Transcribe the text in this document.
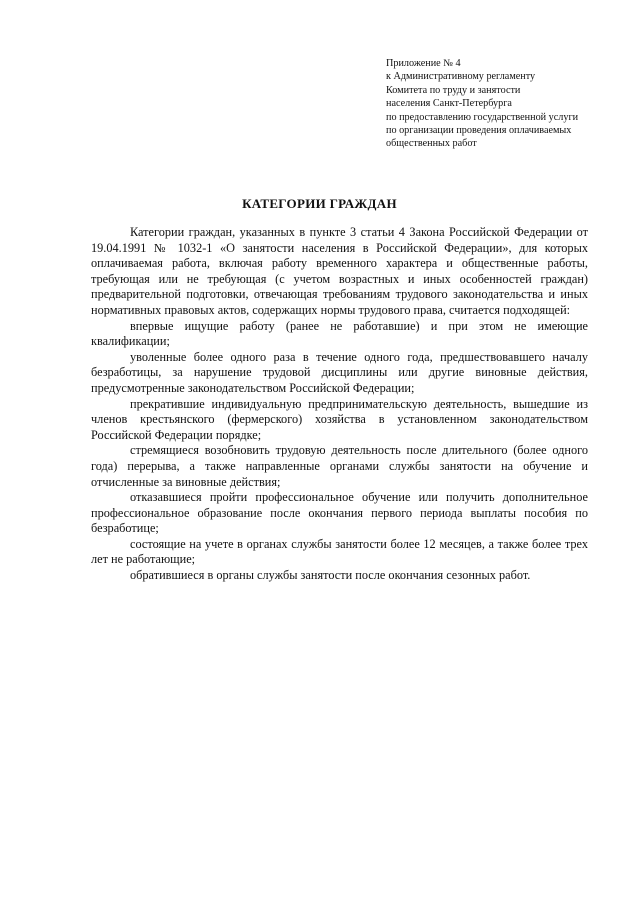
Приложение № 4
к Административному регламенту
Комитета по труду и занятости
населения Санкт-Петербурга
по предоставлению государственной услуги
по организации проведения оплачиваемых
общественных работ
КАТЕГОРИИ ГРАЖДАН

Категории граждан, указанных в пункте 3 статьи 4 Закона Российской Федерации от 19.04.1991 № 1032-1 «О занятости населения в Российской Федерации», для которых оплачиваемая работа, включая работу временного характера и общественные работы, требующая или не требующая (с учетом возрастных и иных особенностей граждан) предварительной подготовки, отвечающая требованиям трудового законодательства и иных нормативных правовых актов, содержащих нормы трудового права, считается подходящей:

впервые ищущие работу (ранее не работавшие) и при этом не имеющие квалификации;

уволенные более одного раза в течение одного года, предшествовавшего началу безработицы, за нарушение трудовой дисциплины или другие виновные действия, предусмотренные законодательством Российской Федерации;

прекратившие индивидуальную предпринимательскую деятельность, вышедшие из членов крестьянского (фермерского) хозяйства в установленном законодательством Российской Федерации порядке;

стремящиеся возобновить трудовую деятельность после длительного (более одного года) перерыва, а также направленные органами службы занятости на обучение и отчисленные за виновные действия;

отказавшиеся пройти профессиональное обучение или получить дополнительное профессиональное образование после окончания первого периода выплаты пособия по безработице;

состоящие на учете в органах службы занятости более 12 месяцев, а также более трех лет не работающие;

обратившиеся в органы службы занятости после окончания сезонных работ.
